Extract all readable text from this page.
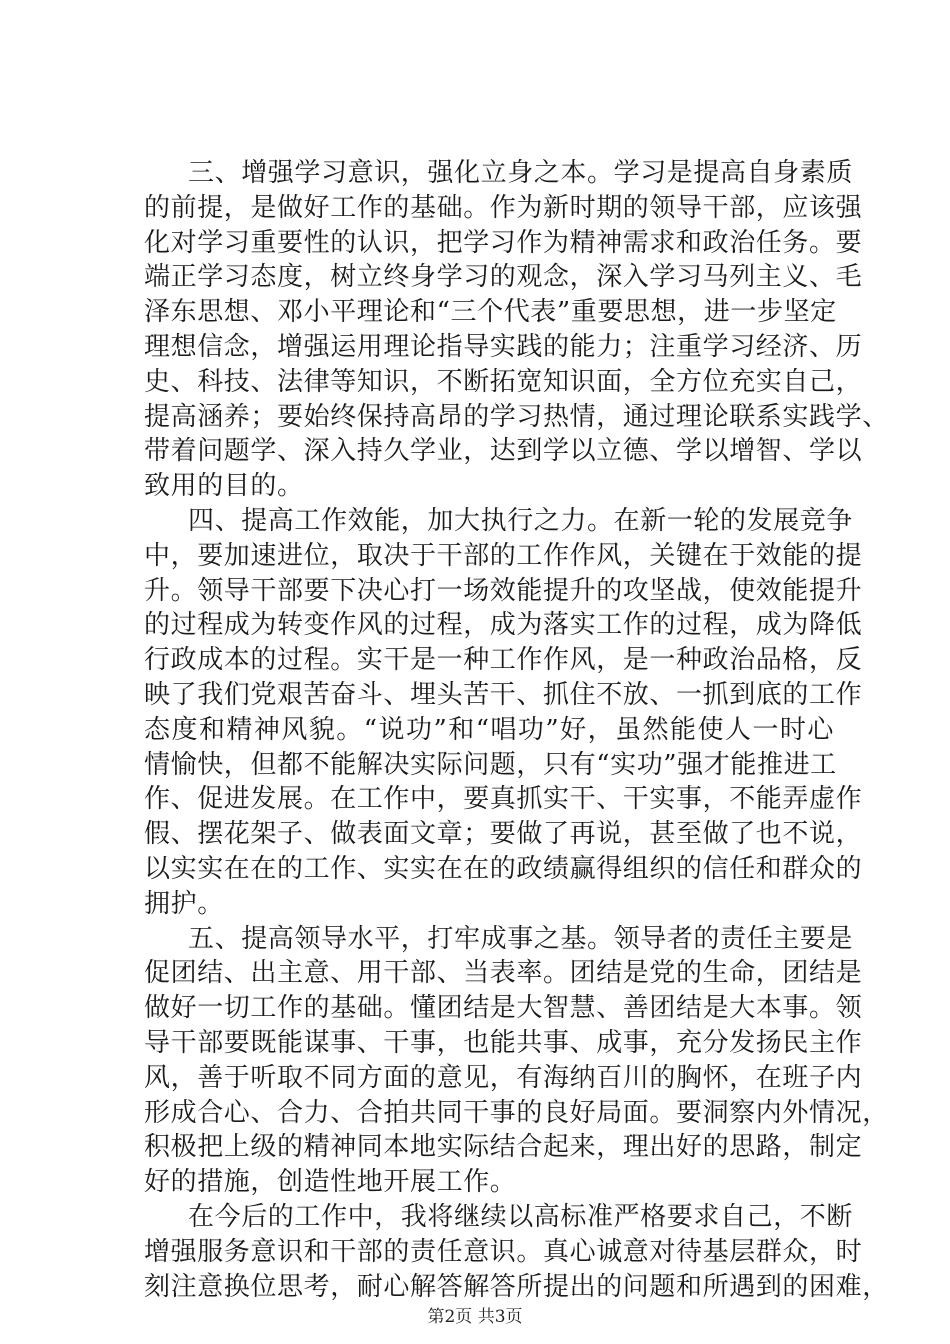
三、增强学习意识，强化立身之本。学习是提高自身素质
的前提，是做好工作的基础。作为新时期的领导干部，应该强
化对学习重要性的认识，把学习作为精神需求和政治任务。要
端正学习态度，树立终身学习的观念，深入学习马列主义、毛
泽东思想、邓小平理论和“三个代表”重要思想，进一步坚定
理想信念，增强运用理论指导实践的能力；注重学习经济、历
史、科技、法律等知识，不断拓宽知识面，全方位充实自己，
提高涵养；要始终保持高昂的学习热情，通过理论联系实践学、
带着问题学、深入持久学业，达到学以立德、学以增智、学以
致用的目的。
四、提高工作效能，加大执行之力。在新一轮的发展竞争
中，要加速进位，取决于干部的工作作风，关键在于效能的提
升。领导干部要下决心打一场效能提升的攻坚战，使效能提升
的过程成为转变作风的过程，成为落实工作的过程，成为降低
行政成本的过程。实干是一种工作作风，是一种政治品格，反
映了我们党艰苦奋斗、埋头苦干、抓住不放、一抓到底的工作
态度和精神风貌。“说功”和“唱功”好，虽然能使人一时心
情愉快，但都不能解决实际问题，只有“实功”强才能推进工
作、促进发展。在工作中，要真抓实干、干实事，不能弄虚作
假、摆花架子、做表面文章；要做了再说，甚至做了也不说，
以实实在在的工作、实实在在的政绩赢得组织的信任和群众的
拥护。
五、提高领导水平，打牢成事之基。领导者的责任主要是
促团结、出主意、用干部、当表率。团结是党的生命，团结是
做好一切工作的基础。懂团结是大智慧、善团结是大本事。领
导干部要既能谋事、干事，也能共事、成事，充分发扬民主作
风，善于听取不同方面的意见，有海纳百川的胸怀，在班子内
形成合心、合力、合拍共同干事的良好局面。要洞察内外情况，
积极把上级的精神同本地实际结合起来，理出好的思路，制定
好的措施，创造性地开展工作。
在今后的工作中，我将继续以高标准严格要求自己，不断
增强服务意识和干部的责任意识。真心诚意对待基层群众，时
刻注意换位思考，耐心解答解答所提出的问题和所遇到的困难，
第2页 共3页
